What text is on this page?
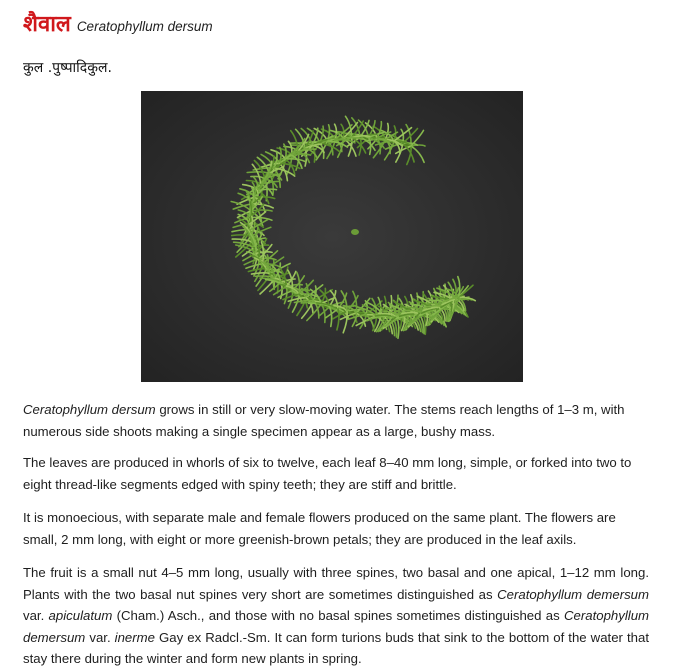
शैवाल Ceratophyllum dersum
कुल .पुष्पादिकुल.

Ceratophyllum dersum grows in still or very slow-moving water. The stems reach lengths of 1–3 m, with numerous side shoots making a single specimen appear as a large, bushy mass.

The leaves are produced in whorls of six to twelve, each leaf 8–40 mm long, simple, or forked into two to eight thread-like segments edged with spiny teeth; they are stiff and brittle.

It is monoecious, with separate male and female flowers produced on the same plant. The flowers are small, 2 mm long, with eight or more greenish-brown petals; they are produced in the leaf axils.

The fruit is a small nut 4–5 mm long, usually with three spines, two basal and one apical, 1–12 mm long. Plants with the two basal nut spines very short are sometimes distinguished as Ceratophyllum demersum var. apiculatum (Cham.) Asch., and those with no basal spines sometimes distinguished as Ceratophyllum demersum var. inerme Gay ex Radcl.-Sm. It can form turions buds that sink to the bottom of the water that stay there during the winter and form new plants in spring.
